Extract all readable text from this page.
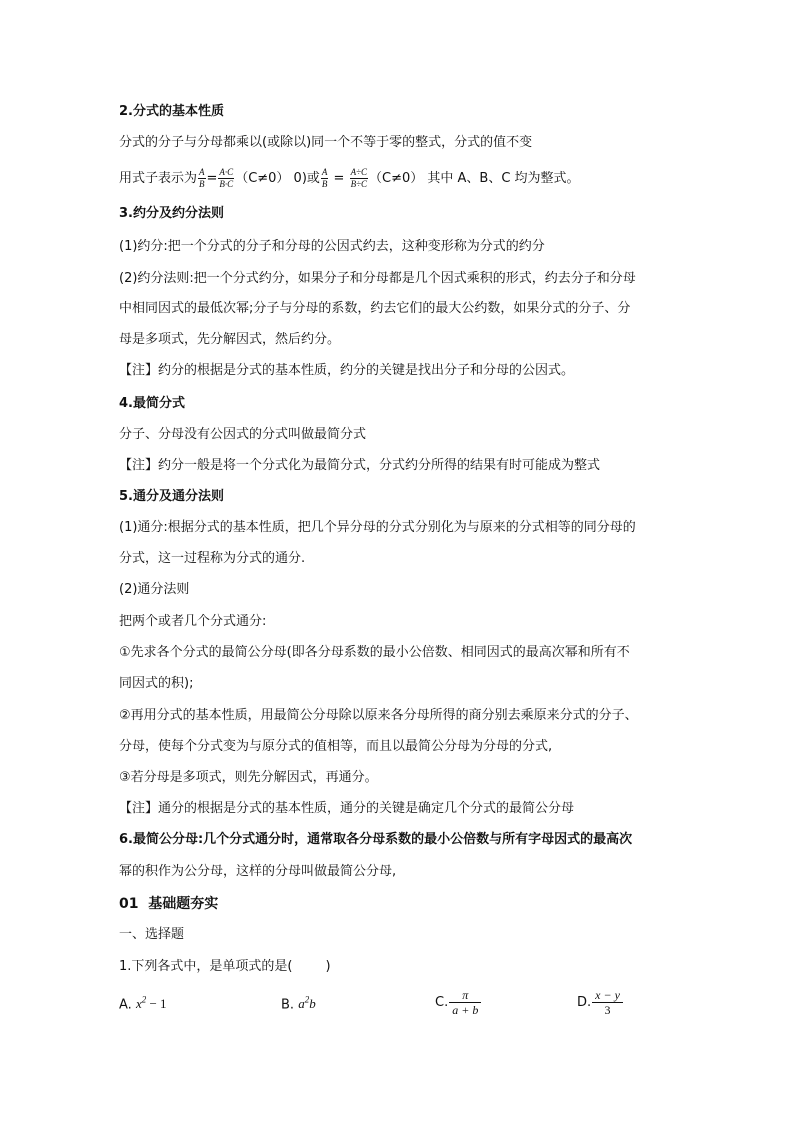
2.分式的基本性质
分式的分子与分母都乘以(或除以)同一个不等于零的整式，分式的值不变
用式子表示为 $\frac{A}{B} = \frac{A\cdot C}{B\cdot C} (C\ne 0)$ 0)或 $\frac{A}{B} = \frac{A\div C}{B\div C} (C\ne 0)$ 其中 A、B、C 均为整式。
3.约分及约分法则
(1)约分:把一个分式的分子和分母的公因式约去，这种变形称为分式的约分
(2)约分法则:把一个分式约分，如果分子和分母都是几个因式乘积的形式，约去分子和分母
中相同因式的最低次幂;分子与分母的系数，约去它们的最大公约数，如果分式的分子、分
母是多项式，先分解因式，然后约分。
【注】约分的根据是分式的基本性质，约分的关键是找出分子和分母的公因式。
4.最简分式
分子、分母没有公因式的分式叫做最简分式
【注】约分一般是将一个分式化为最简分式，分式约分所得的结果有时可能成为整式
5.通分及通分法则
(1)通分:根据分式的基本性质，把几个异分母的分式分别化为与原来的分式相等的同分母的
分式，这一过程称为分式的通分.
(2)通分法则
把两个或者几个分式通分:
①先求各个分式的最简公分母(即各分母系数的最小公倍数、相同因式的最高次幂和所有不
同因式的积);
②再用分式的基本性质，用最简公分母除以原来各分母所得的商分别去乘原来分式的分子、
分母，使每个分式变为与原分式的值相等，而且以最简公分母为分母的分式,
③若分母是多项式，则先分解因式，再通分。
【注】通分的根据是分式的基本性质，通分的关键是确定几个分式的最简公分母
6.最简公分母:几个分式通分时，通常取各分母系数的最小公倍数与所有字母因式的最高次
幂的积作为公分母，这样的分母叫做最简公分母,
01  基础题夯实
一、选择题
1.下列各式中，是单项式的是(        )
A. $x^2 - 1$	B. $a^2b$	C. $\frac{\pi}{a + b}$	D. $\frac{x - y}{3}$
